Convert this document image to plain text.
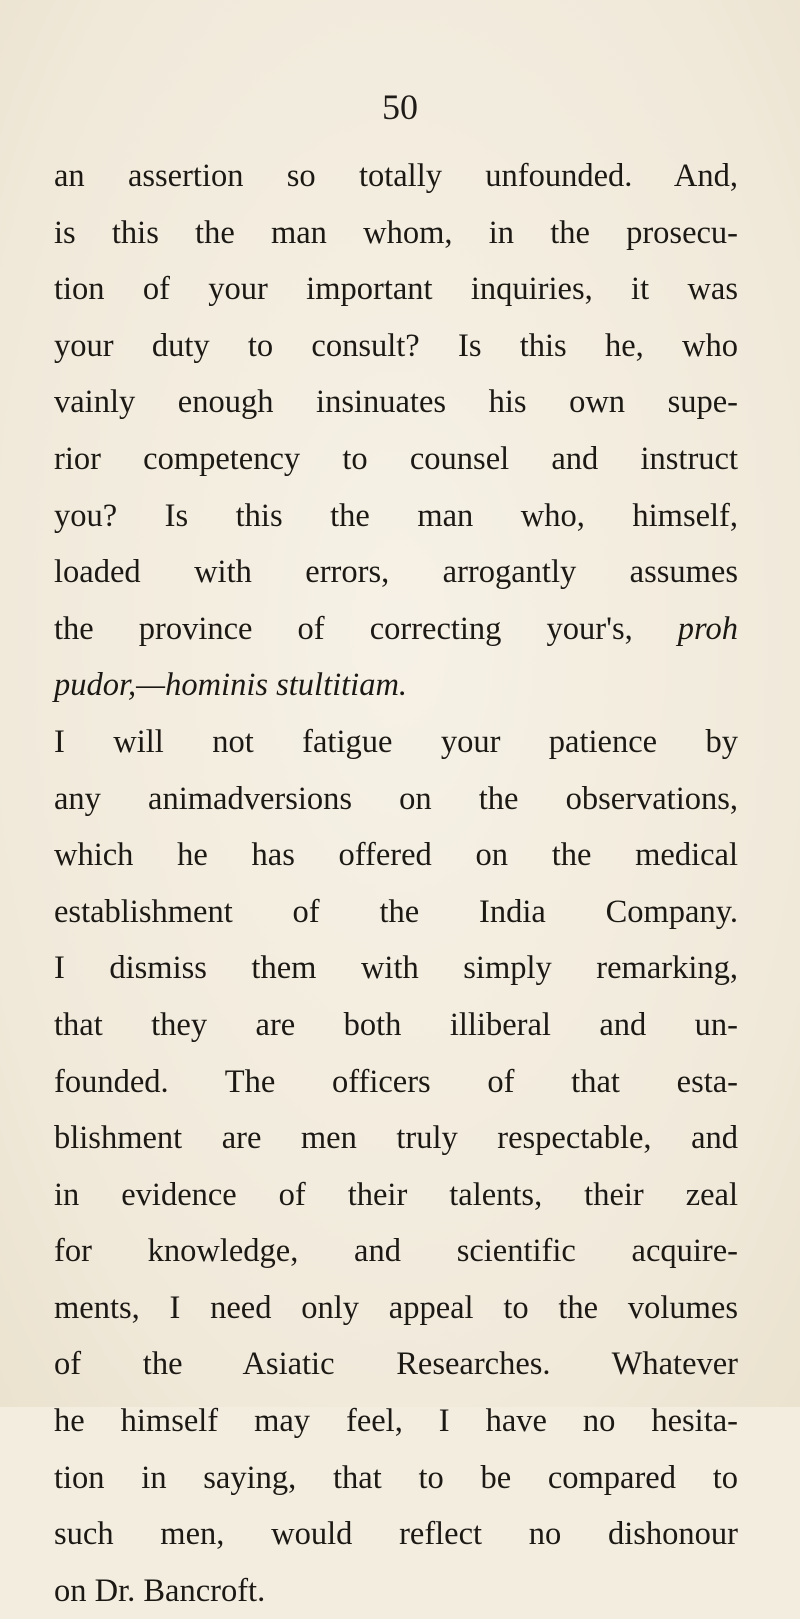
50
an assertion so totally unfounded. And,
is this the man whom, in the prosecu-
tion of your important inquiries, it was
your duty to consult? Is this he, who
vainly enough insinuates his own supe-
rior competency to counsel and instruct
you? Is this the man who, himself,
loaded with errors, arrogantly assumes
the province of correcting your's, proh
pudor,—hominis stultitiam.
I will not fatigue your patience by
any animadversions on the observations,
which he has offered on the medical
establishment of the India Company.
I dismiss them with simply remarking,
that they are both illiberal and un-
founded. The officers of that esta-
blishment are men truly respectable, and
in evidence of their talents, their zeal
for knowledge, and scientific acquire-
ments, I need only appeal to the volumes
of the Asiatic Researches. Whatever
he himself may feel, I have no hesita-
tion in saying, that to be compared to
such men, would reflect no dishonour
on Dr. Bancroft.
